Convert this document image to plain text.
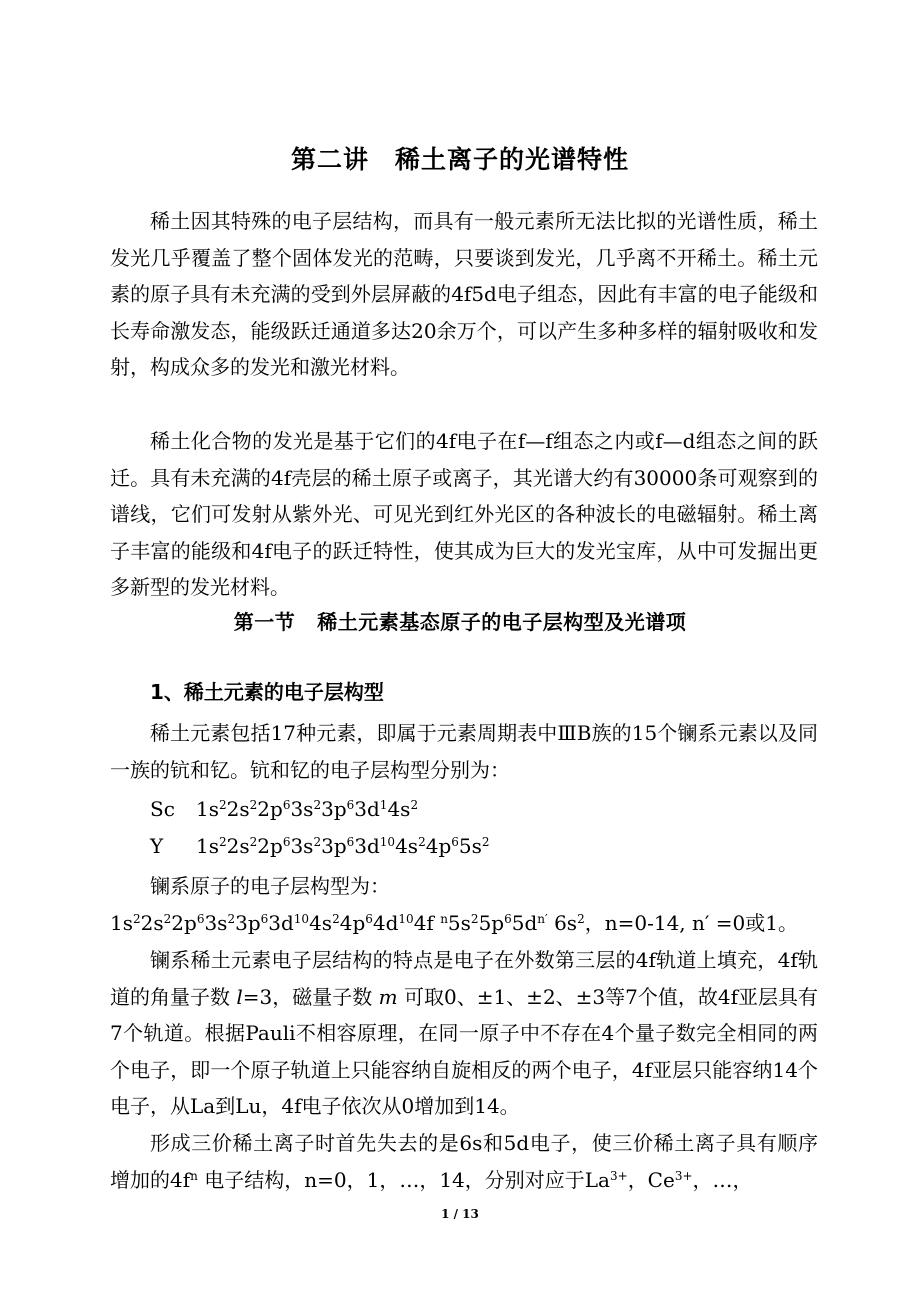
第二讲 稀土离子的光谱特性

稀土因其特殊的电子层结构，而具有一般元素所无法比拟的光谱性质，稀土发光几乎覆盖了整个固体发光的范畴，只要谈到发光，几乎离不开稀土。稀土元素的原子具有未充满的受到外层屏蔽的4f5d电子组态，因此有丰富的电子能级和长寿命激发态，能级跃迁通道多达20余万个，可以产生多种多样的辐射吸收和发射，构成众多的发光和激光材料。

稀土化合物的发光是基于它们的4f电子在f—f组态之内或f—d组态之间的跃迁。具有未充满的4f壳层的稀土原子或离子，其光谱大约有30000条可观察到的谱线，它们可发射从紫外光、可见光到红外光区的各种波长的电磁辐射。稀土离子丰富的能级和4f电子的跃迁特性，使其成为巨大的发光宝库，从中可发掘出更多新型的发光材料。

第一节 稀土元素基态原子的电子层构型及光谱项
1、稀土元素的电子层构型

稀土元素包括17种元素，即属于元素周期表中ⅢB族的15个镧系元素以及同一族的钪和钇。钪和钇的电子层构型分别为：

Sc $1s^22s^22p^63s^23p^63d^14s^2$
Y $1s^22s^22p^63s^23p^63d^{10}4s^24p^65s^2$
镧系原子的电子层构型为：
$1s^22s^22p^63s^23p^63d^{10}4s^24p^64d^{10}4f$ $^n5s^25p^65d^{n'}$ $6s^2$，n=0-14, n′ =0或1。

镧系稀土元素电子层结构的特点是电子在外数第三层的4f轨道上填充，4f轨道的角量子数 l=3，磁量子数 m 可取0、±1、±2、±3等7个值，故4f亚层具有7个轨道。根据Pauli不相容原理，在同一原子中不存在4个量子数完全相同的两个电子，即一个原子轨道上只能容纳自旋相反的两个电子，4f亚层只能容纳14个电子，从La到Lu，4f电子依次从0增加到14。

形成三价稀土离子时首先失去的是6s和5d电子，使三价稀土离子具有顺序增加的$4f^n$ 电子结构，n=0，1，…，14，分别对应于$La^{3+}$，$Ce^{3+}$，…，

1 / 13
